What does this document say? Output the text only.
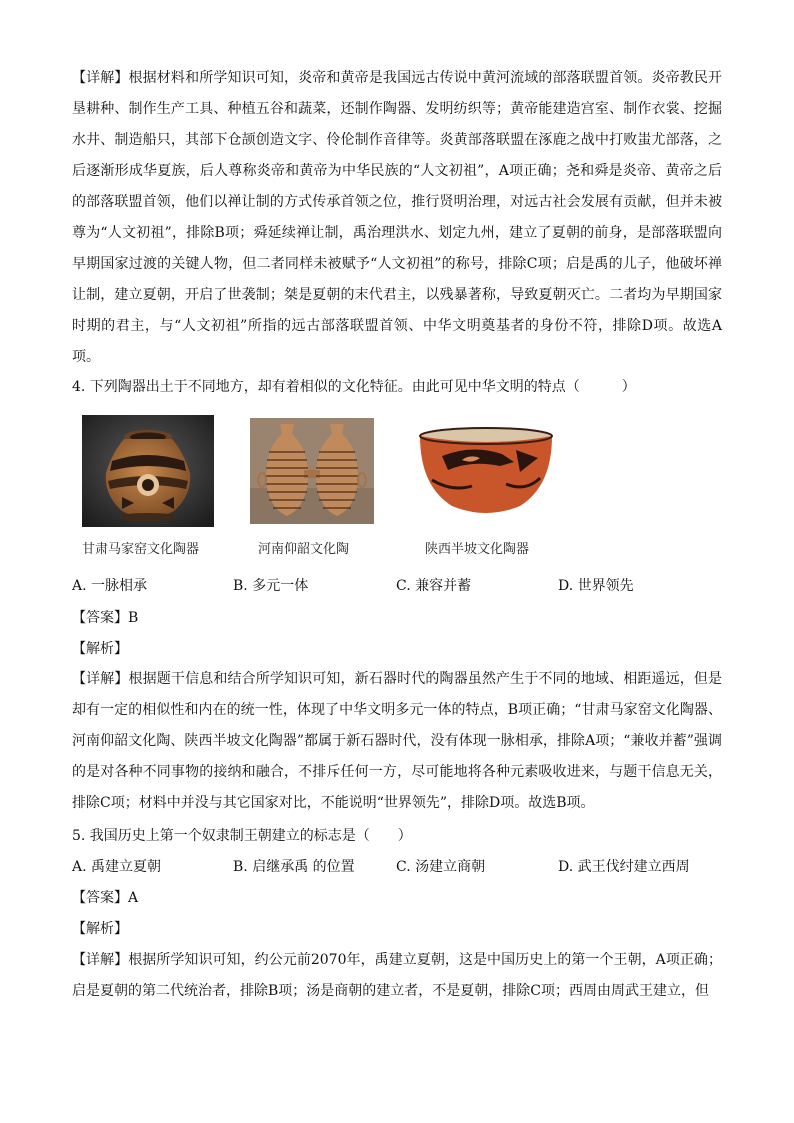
【详解】根据材料和所学知识可知，炎帝和黄帝是我国远古传说中黄河流域的部落联盟首领。炎帝教民开垦耕种、制作生产工具、种植五谷和蔬菜，还制作陶器、发明纺织等；黄帝能建造宫室、制作衣裳、挖掘水井、制造船只，其部下仓颉创造文字、伶伦制作音律等。炎黄部落联盟在涿鹿之战中打败蚩尤部落，之后逐渐形成华夏族，后人尊称炎帝和黄帝为中华民族的“人文初祖”，A项正确；尧和舜是炎帝、黄帝之后的部落联盟首领，他们以禅让制的方式传承首领之位，推行贤明治理，对远古社会发展有贡献，但并未被尊为“人文初祖”，排除B项；舜延续禅让制，禹治理洪水、划定九州，建立了夏朝的前身，是部落联盟向早期国家过渡的关键人物，但二者同样未被赋予“人文初祖”的称号，排除C项；启是禹的儿子，他破坏禅让制，建立夏朝，开启了世袭制；桀是夏朝的末代君主，以残暴著称，导致夏朝灭亡。二者均为早期国家时期的君主，与“人文初祖”所指的远古部落联盟首领、中华文明奠基者的身份不符，排除D项。故选A项。

4. 下列陶器出土于不同地方，却有着相似的文化特征。由此可见中华文明的特点（　　　）

甘肃马家窑文化陶器	河南仰韶文化陶	陕西半坡文化陶器
A. 一脉相承	B. 多元一体	C. 兼容并蓄	D. 世界领先

【答案】B

【解析】

【详解】根据题干信息和结合所学知识可知，新石器时代的陶器虽然产生于不同的地域、相距遥远，但是却有一定的相似性和内在的统一性，体现了中华文明多元一体的特点，B项正确；“甘肃马家窑文化陶器、河南仰韶文化陶、陕西半坡文化陶器”都属于新石器时代，没有体现一脉相承，排除A项；“兼收并蓄”强调的是对各种不同事物的接纳和融合，不排斥任何一方，尽可能地将各种元素吸收进来，与题干信息无关，排除C项；材料中并没与其它国家对比，不能说明“世界领先”，排除D项。故选B项。

5. 我国历史上第一个奴隶制王朝建立的标志是（　　）

A. 禹建立夏朝	B. 启继承禹 的位置	C. 汤建立商朝	D. 武王伐纣建立西周

【答案】A

【解析】

【详解】根据所学知识可知，约公元前2070年，禹建立夏朝，这是中国历史上的第一个王朝，A项正确；启是夏朝的第二代统治者，排除B项；汤是商朝的建立者，不是夏朝，排除C项；西周由周武王建立，但
